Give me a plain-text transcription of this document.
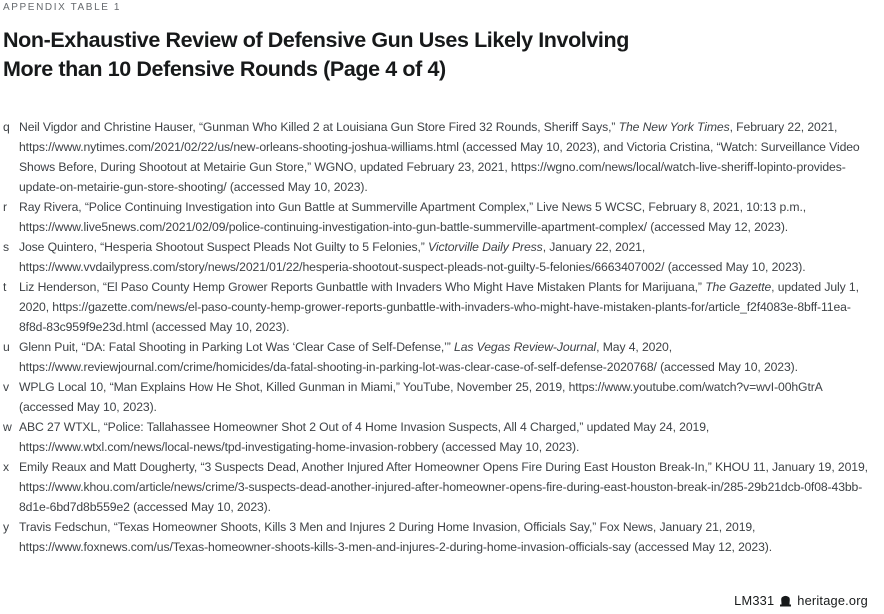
APPENDIX TABLE 1
Non-Exhaustive Review of Defensive Gun Uses Likely Involving
More than 10 Defensive Rounds (Page 4 of 4)
q Neil Vigdor and Christine Hauser, “Gunman Who Killed 2 at Louisiana Gun Store Fired 32 Rounds, Sheriff Says,” The New York Times, February 22, 2021, https://www.nytimes.com/2021/02/22/us/new-orleans-shooting-joshua-williams.html (accessed May 10, 2023), and Victoria Cristina, “Watch: Surveillance Video Shows Before, During Shootout at Metairie Gun Store,” WGNO, updated February 23, 2021, https://wgno.com/news/local/watch-live-sheriff-lopinto-provides-update-on-metairie-gun-store-shooting/ (accessed May 10, 2023).
r Ray Rivera, “Police Continuing Investigation into Gun Battle at Summerville Apartment Complex,” Live News 5 WCSC, February 8, 2021, 10:13 p.m., https://www.live5news.com/2021/02/09/police-continuing-investigation-into-gun-battle-summerville-apartment-complex/ (accessed May 12, 2023).
s Jose Quintero, “Hesperia Shootout Suspect Pleads Not Guilty to 5 Felonies,” Victorville Daily Press, January 22, 2021, https://www.vvdailypress.com/story/news/2021/01/22/hesperia-shootout-suspect-pleads-not-guilty-5-felonies/6663407002/ (accessed May 10, 2023).
t	Liz Henderson, “El Paso County Hemp Grower Reports Gunbattle with Invaders Who Might Have Mistaken Plants for Marijuana,” The Gazette, updated July 1, 2020, https://gazette.com/news/el-paso-county-hemp-grower-reports-gunbattle-with-invaders-who-might-have-mistaken-plants-for/article_f2f4083e-8bff-11ea-8f8d-83c959f9e23d.html (accessed May 10, 2023).
u Glenn Puit, “DA: Fatal Shooting in Parking Lot Was ‘Clear Case of Self-Defense,’” Las Vegas Review-Journal, May 4, 2020, https://www.reviewjournal.com/crime/homicides/da-fatal-shooting-in-parking-lot-was-clear-case-of-self-defense-2020768/ (accessed May 10, 2023).
v WPLG Local 10, “Man Explains How He Shot, Killed Gunman in Miami,” YouTube, November 25, 2019, https://www.youtube.com/watch?v=wvI-00hGtrA (accessed May 10, 2023).
w ABC 27 WTXL, “Police: Tallahassee Homeowner Shot 2 Out of 4 Home Invasion Suspects, All 4 Charged,” updated May 24, 2019, https://www.wtxl.com/news/local-news/tpd-investigating-home-invasion-robbery (accessed May 10, 2023).
x Emily Reaux and Matt Dougherty, “3 Suspects Dead, Another Injured After Homeowner Opens Fire During East Houston Break-In,” KHOU 11, January 19, 2019, https://www.khou.com/article/news/crime/3-suspects-dead-another-injured-after-homeowner-opens-fire-during-east-houston-break-in/285-29b21dcb-0f08-43bb-8d1e-6bd7d8b559e2 (accessed May 10, 2023).
y Travis Fedschun, “Texas Homeowner Shoots, Kills 3 Men and Injures 2 During Home Invasion, Officials Say,” Fox News, January 21, 2019, https://www.foxnews.com/us/Texas-homeowner-shoots-kills-3-men-and-injures-2-during-home-invasion-officials-say (accessed May 12, 2023).
LM331 heritage.org
